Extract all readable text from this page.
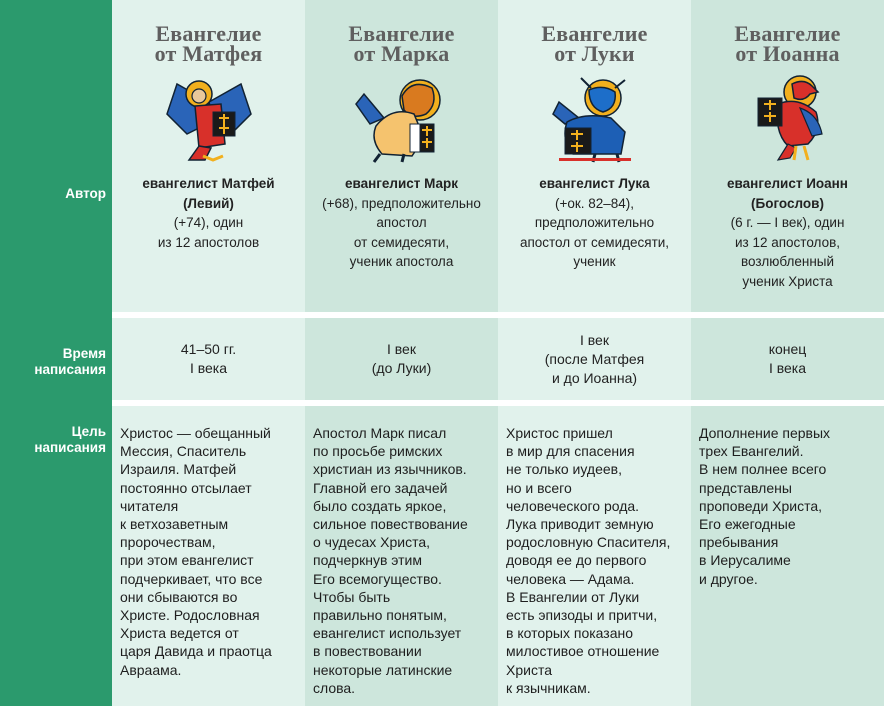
Автор
Евангелие
от Матфея
евангелист Матфей
(Левий)
(+74), один
из 12 апостолов
Евангелие
от Марка
евангелист Марк
(+68), предположительно
апостол
от семидесяти,
ученик апостола
Евангелие
от Луки
евангелист Лука
(+ок. 82–84),
предположительно
апостол от семидесяти,
ученик
Евангелие
от Иоанна
евангелист Иоанн
(Богослов)
(6 г. — I век), один
из 12 апостолов,
возлюбленный
ученик Христа
Время
написания
41–50 гг.
I века
I век
(до Луки)
I век
(после Матфея
и до Иоанна)
конец
I века
Цель
написания
Христос — обещанный
Мессия, Спаситель
Израиля. Матфей
постоянно отсылает
читателя
к ветхозаветным
пророчествам,
при этом евангелист
подчеркивает, что все
они сбываются во
Христе. Родословная
Христа ведется от
царя Давида и праотца
Авраама.
Апостол Марк писал
по просьбе римских
христиан из язычников.
Главной его задачей
было создать яркое,
сильное повествование
о чудесах Христа,
подчеркнув этим
Его всемогущество.
Чтобы быть
правильно понятым,
евангелист использует
в повествовании
некоторые латинские
слова.
Христос пришел
в мир для спасения
не только иудеев,
но и всего
человеческого рода.
Лука приводит земную
родословную Спасителя,
доводя ее до первого
человека — Адама.
В Евангелии от Луки
есть эпизоды и притчи,
в которых показано
милостивое отношение
Христа
к язычникам.
Дополнение первых
трех Евангелий.
В нем полнее всего
представлены
проповеди Христа,
Его ежегодные
пребывания
в Иерусалиме
и другое.
